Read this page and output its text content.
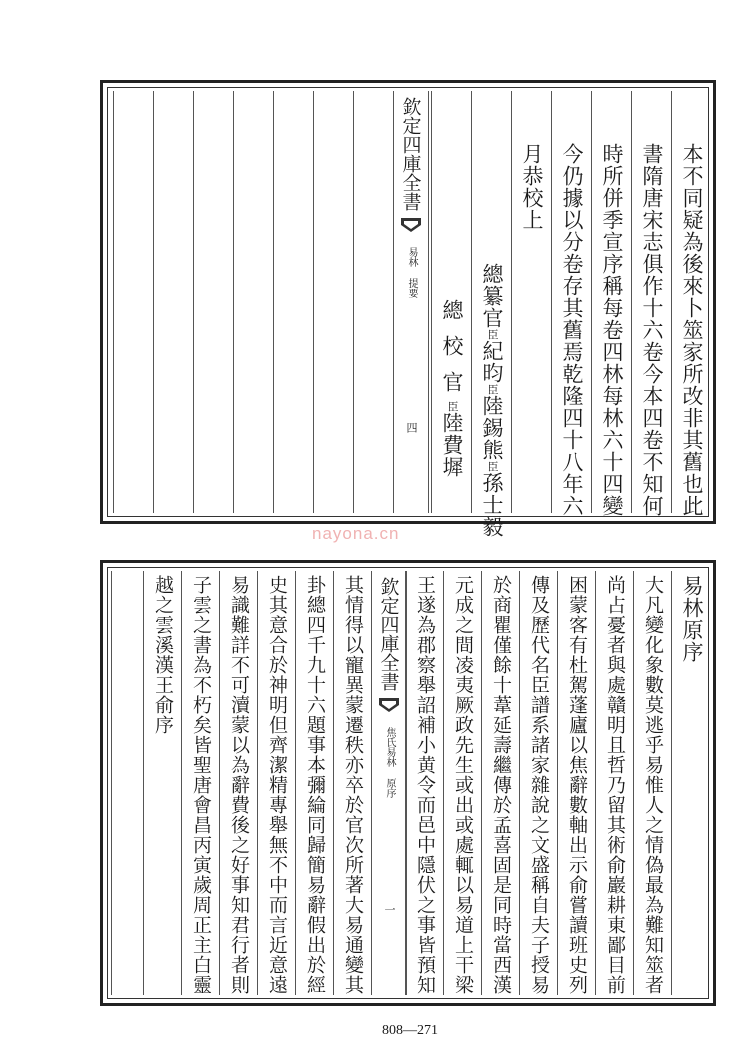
本不同疑為後來卜筮家所改非其舊也此
書隋唐宋志俱作十六卷今本四卷不知何
時所併季宣序稱每卷四林每林六十四變
今仍據以分卷存其舊焉乾隆四十八年六
月恭校上
總纂官
臣
紀昀
臣
陸錫熊
臣
孫士毅
總
校
官
臣
陸費墀
欽定四庫全書
易林 提要
四
nayona.cn
易林原序
大凡變化象數莫逃乎易惟人之情偽最為難知筮者
尚占憂者與處贛明且哲乃留其術俞巖耕東鄙目前
困蒙客有杜駕蓬廬以焦辭數軸出示俞嘗讀班史列
傳及歷代名臣譜系諸家雜說之文盛稱自夫子授易
於商瞿僅餘十葦延壽繼傳於孟喜固是同時當西漢
元成之間凌夷厥政先生或出或處輒以易道上干梁
王遂為郡察舉詔補小黄令而邑中隱伏之事皆預知
欽定四庫全書
焦氏易林 原序
一
其情得以寵異蒙遷秩亦卒於官次所著大易通變其
卦總四千九十六題事本彌綸同歸簡易辭假出於經
史其意合於神明但齊潔精專舉無不中而言近意遠
易識難詳不可瀆蒙以為辭費後之好事知君行者則
子雲之書為不朽矣皆聖唐會昌丙寅歲周正主白靈
越之雲溪漢王俞序
808—271
